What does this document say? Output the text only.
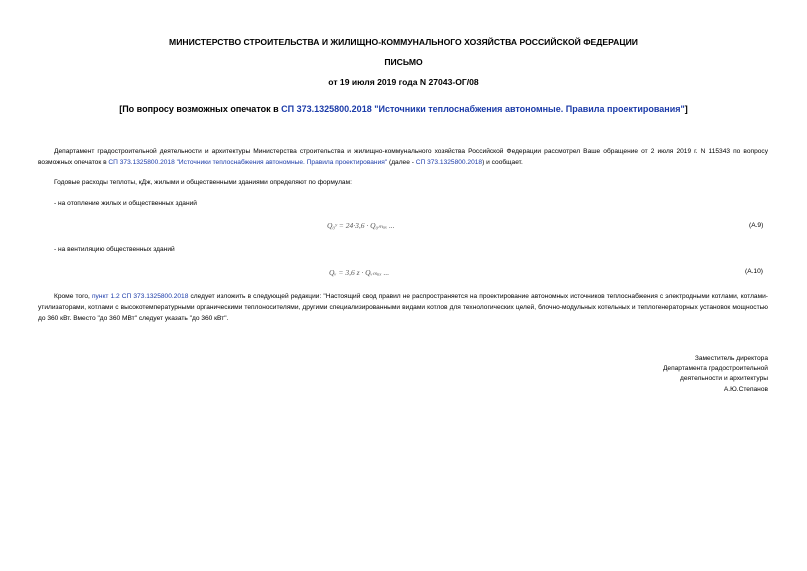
МИНИСТЕРСТВО СТРОИТЕЛЬСТВА И ЖИЛИЩНО-КОММУНАЛЬНОГО ХОЗЯЙСТВА РОССИЙСКОЙ ФЕДЕРАЦИИ
ПИСЬМО
от 19 июля 2019 года N 27043-ОГ/08
[По вопросу возможных опечаток в СП 373.1325800.2018 "Источники теплоснабжения автономные. Правила проектирования"]
Департамент градостроительной деятельности и архитектуры Министерства строительства и жилищно-коммунального хозяйства Российской Федерации рассмотрел Ваше обращение от 2 июля 2019 г. N 115343 по вопросу возможных опечаток в СП 373.1325800.2018 "Источники теплоснабжения автономные. Правила проектирования" (далее - СП 373.1325800.2018) и сообщает.
Годовые расходы теплоты, кДж, жилыми и общественными зданиями определяют по формулам:
- на отопление жилых и общественных зданий
Q₀ʸ = 24·3,6 · Q₀ₘₐₓ ...	(А.9)
- на вентиляцию общественных зданий
Qᵥ = 3,6 z · Qᵥₘₐₓ ...	(А.10)
Кроме того, пункт 1.2 СП 373.1325800.2018 следует изложить в следующей редакции: "Настоящий свод правил не распространяется на проектирование автономных источников теплоснабжения с электродными котлами, котлами-утилизаторами, котлами с высокотемпературными органическими теплоносителями, другими специализированными видами котлов для технологических целей, блочно-модульных котельных и теплогенераторных установок мощностью до 360 кВт. Вместо "до 360 МВт" следует указать "до 360 кВт".
Заместитель директора
Департамента градостроительной
деятельности и архитектуры
А.Ю.Степанов
